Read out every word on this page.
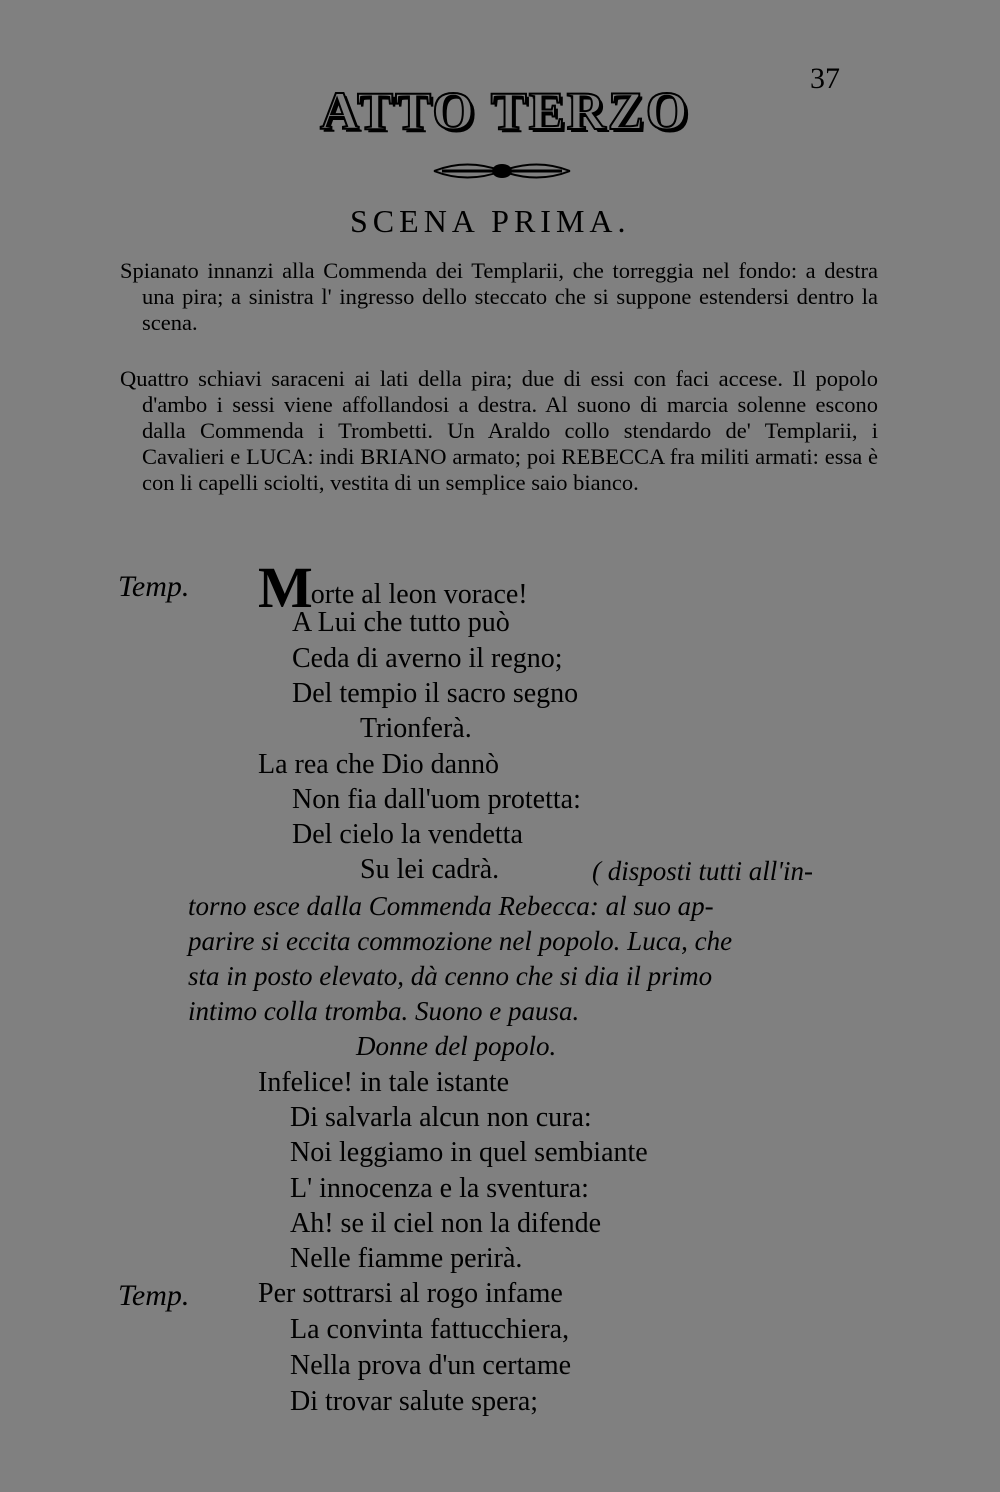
37
ATTO TERZO
SCENA PRIMA.
Spianato innanzi alla Commenda dei Templarii, che torreggia nel fondo: a destra una pira; a sinistra l' ingresso dello steccato che si suppone estendersi dentro la scena.
Quattro schiavi saraceni ai lati della pira; due di essi con faci accese. Il popolo d'ambo i sessi viene affollandosi a destra. Al suono di marcia solenne escono dalla Commenda i Trombetti. Un Araldo collo stendardo de' Templarii, i Cavalieri e LUCA: indi BRIANO armato; poi REBECCA fra militi armati: essa è con li capelli sciolti, vestita di un semplice saio bianco.
Temp. Morte al leon vorace!
A Lui che tutto può
Ceda di averno il regno;
Del tempio il sacro segno
Trionferà.
La rea che Dio dannò
Non fia dall'uom protetta:
Del cielo la vendetta
Su lei cadrà.	( disposti tutti all'in-
torno esce dalla Commenda Rebecca: al suo ap-
parire si eccita commozione nel popolo. Luca, che
sta in posto elevato, dà cenno che si dia il primo
intimo colla tromba. Suono e pausa.
Donne del popolo.
Infelice! in tale istante
Di salvarla alcun non cura:
Noi leggiamo in quel sembiante
L' innocenza e la sventura:
Ah! se il ciel non la difende
Nelle fiamme perirà.
Temp. Per sottrarsi al rogo infame
La convinta fattucchiera,
Nella prova d'un certame
Di trovar salute spera;
